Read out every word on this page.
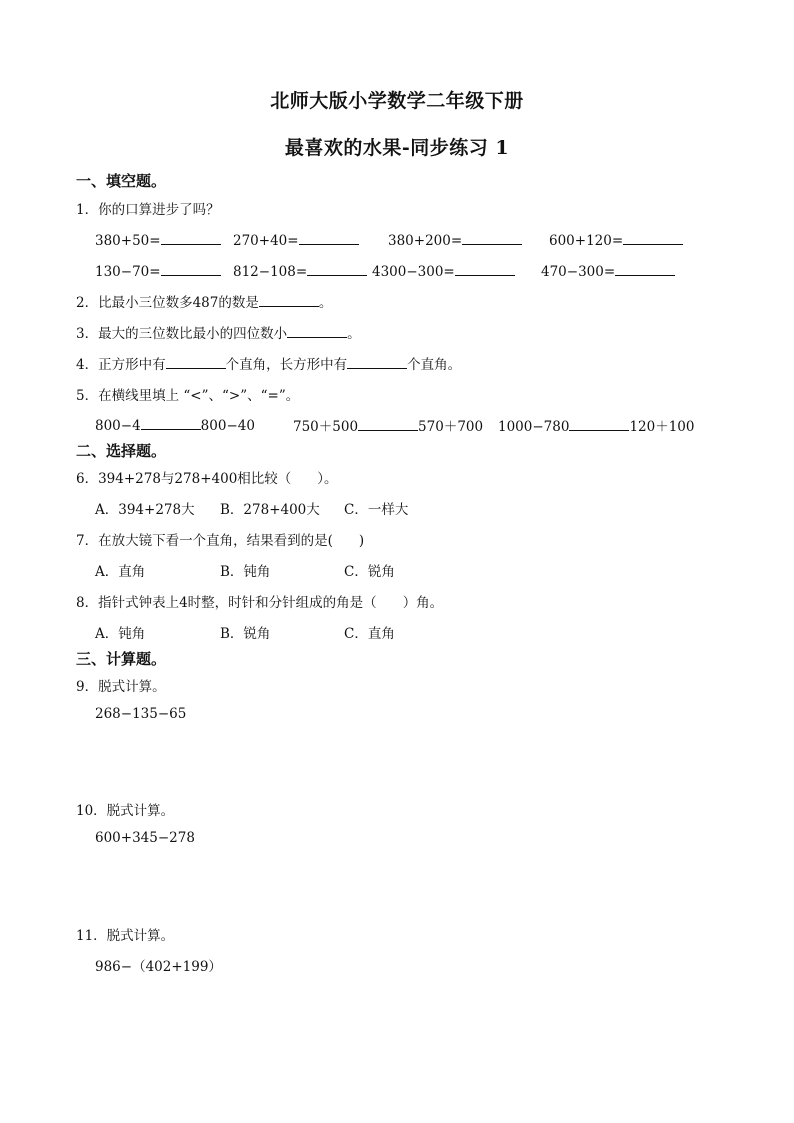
北师大版小学数学二年级下册
最喜欢的水果-同步练习 1
一、填空题。
1．你的口算进步了吗？
380+50=	270+40=	380+200=	600+120=
130−70=	812−108=	4300−300=	470−300=
2．比最小三位数多487的数是	。
3．最大的三位数比最小的四位数小	。
4．正方形中有	个直角，长方形中有	个直角。
5．在横线里填上 “<”、“>”、“=”。
800−4	800−40	750＋500	570＋700 1000−780	120＋100
二、选择题。
6．394+278与278+400相比较（ ）。
A．394+278大 B．278+400大 C．一样大
7．在放大镜下看一个直角，结果看到的是( )
A．直角	B．钝角	C．锐角
8．指针式钟表上4时整，时针和分针组成的角是（ ）角。
A．钝角	B．锐角	C．直角
三、计算题。
9．脱式计算。
268−135−65
10．脱式计算。
600+345−278
11．脱式计算。
986−（402+199）
